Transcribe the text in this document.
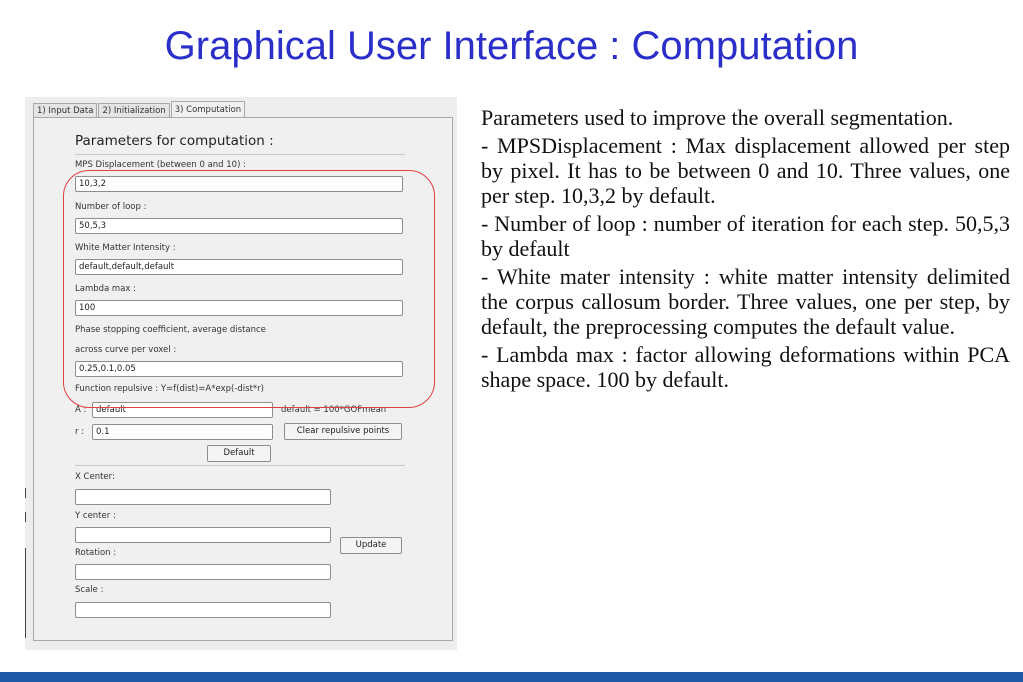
Graphical User Interface : Computation
1) Input Data	2) Initialization	3) Computation
Parameters for computation :
MPS Displacement (between 0 and 10) :
10,3,2
Number of loop :
50,5,3
White Matter Intensity :
default,default,default
Lambda max :
100
Phase stopping coefficient, average distance
across curve per voxel :
0.25,0.1,0.05
Function repulsive : Y=f(dist)=A*exp(-dist*r)
A :	default	default = 100*GOFmean
r :	0.1	Clear repulsive points
Default
X Center:
Y center :
Update
Rotation :
Scale :

Parameters used to improve the overall segmentation.

- MPSDisplacement : Max displacement allowed per step by pixel. It has to be between 0 and 10. Three values, one per step. 10,3,2 by default.

- Number of loop : number of iteration for each step. 50,5,3 by default

- White mater intensity : white matter intensity delimited the corpus callosum border. Three values, one per step, by default, the preprocessing computes the default value.

- Lambda max : factor allowing deformations within PCA shape space. 100 by default.
